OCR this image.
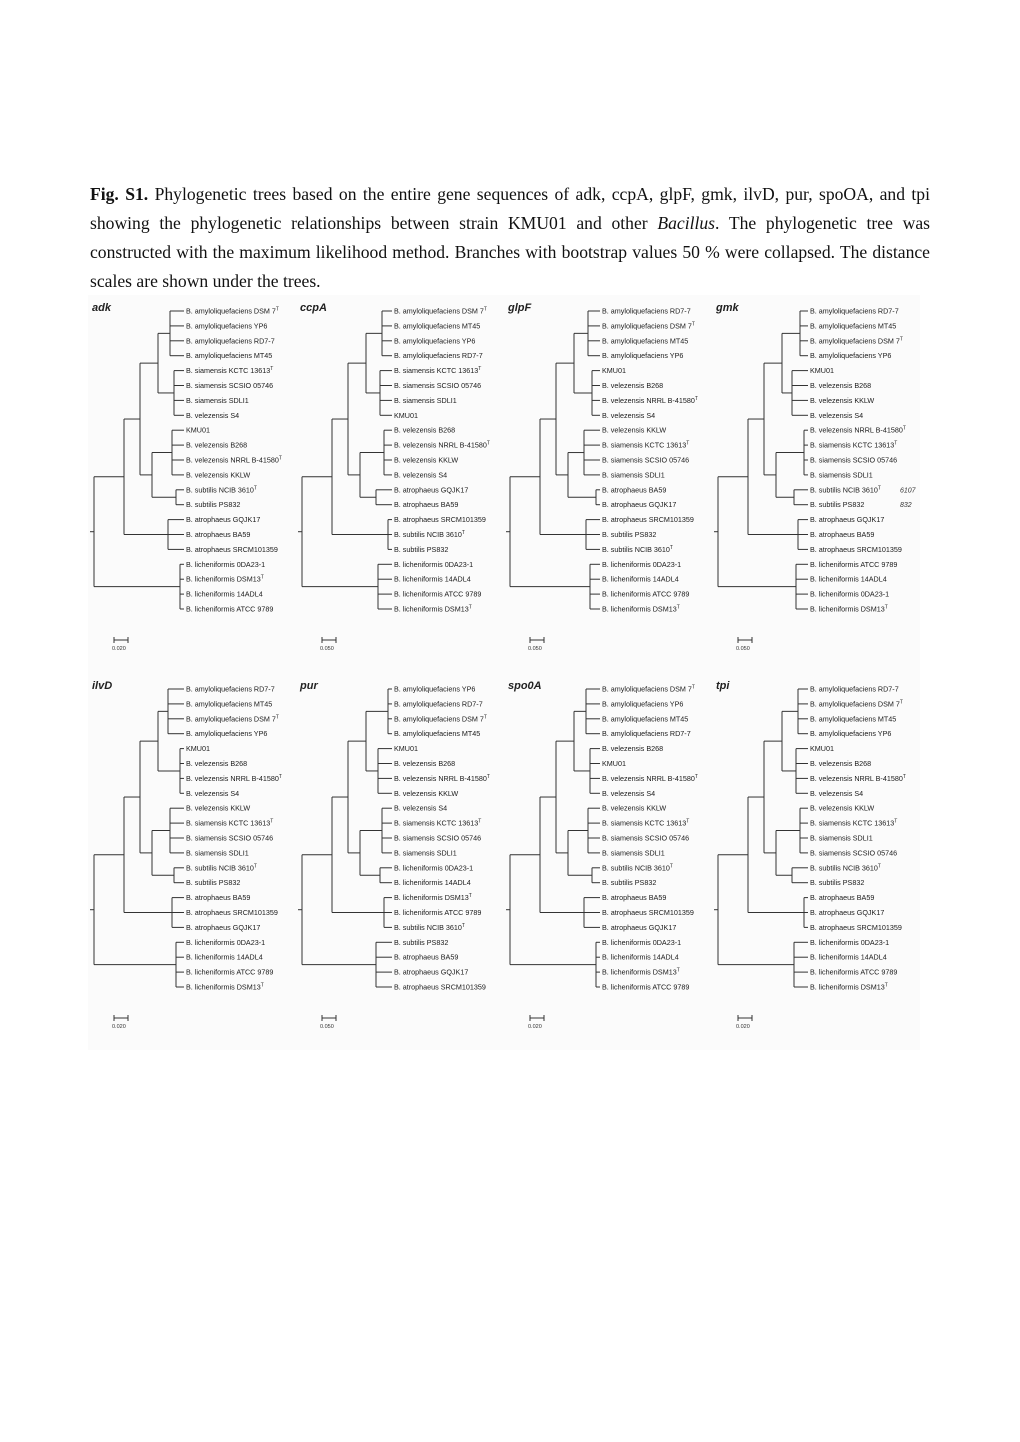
Fig. S1. Phylogenetic trees based on the entire gene sequences of adk, ccpA, glpF, gmk, ilvD, pur, spoOA, and tpi showing the phylogenetic relationships between strain KMU01 and other Bacillus. The phylogenetic tree was constructed with the maximum likelihood method. Branches with bootstrap values 50 % were collapsed. The distance scales are shown under the trees.
adk	B. amyloliquefaciens DSM $7^T$
B. amyloliquefaciens YP6
B. amyloliquefaciens RD7-7
B. amyloliquefaciens MT45
B. siamensis KCTC $13613^T$
B. siamensis SCSIO 05746
B. siamensis SDLI1
B. velezensis S4
KMU01
B. velezensis B268
B. velezensis NRRL $B-41580^T$
B. velezensis KKLW
B. subtilis NCIB $3610^T$
B. subtilis PS832
B. atrophaeus GQJK17
B. atrophaeus BA59
B. atrophaeus SRCM101359
B. licheniformis 0DA23-1
B. licheniformis $DSM13^T$
B. licheniformis 14ADL4
B. licheniformis ATCC 9789
0.020
ccpA	B. amyloliquefaciens DSM $7^T$
B. amyloliquefaciens MT45
B. amyloliquefaciens YP6
B. amyloliquefaciens RD7-7
B. siamensis KCTC $13613^T$
B. siamensis SCSIO 05746
B. siamensis SDLI1
KMU01
B. velezensis B268
B. velezensis NRRL $B-41580^T$
B. velezensis KKLW
B. velezensis S4
B. atrophaeus GQJK17
B. atrophaeus BA59
B. atrophaeus SRCM101359
B. subtilis NCIB $3610^T$
B. subtilis PS832
B. licheniformis 0DA23-1
B. licheniformis 14ADL4
B. licheniformis ATCC 9789
B. licheniformis $DSM13^T$
0.050
glpF	B. amyloliquefaciens RD7-7
B. amyloliquefaciens DSM $7^T$
B. amyloliquefaciens MT45
B. amyloliquefaciens YP6
KMU01
B. velezensis B268
B. velezensis NRRL $B-41580^T$
B. velezensis S4
B. velezensis KKLW
B. siamensis KCTC $13613^T$
B. siamensis SCSIO 05746
B. siamensis SDLI1
B. atrophaeus BA59
B. atrophaeus GQJK17
B. atrophaeus SRCM101359
B. subtilis PS832
B. subtilis NCIB $3610^T$
B. licheniformis 0DA23-1
B. licheniformis 14ADL4
B. licheniformis ATCC 9789
B. licheniformis $DSM13^T$
0.050
gmk	B. amyloliquefaciens RD7-7
B. amyloliquefaciens MT45
B. amyloliquefaciens DSM $7^T$
B. amyloliquefaciens YP6
KMU01
B. velezensis B268
B. velezensis KKLW
B. velezensis S4
B. velezensis NRRL $B-41580^T$
B. siamensis KCTC $13613^T$
B. siamensis SCSIO 05746
B. siamensis SDLI1
B. subtilis NCIB $3610^T$	6107
B. subtilis PS832	832
B. atrophaeus GQJK17
B. atrophaeus BA59
B. atrophaeus SRCM101359
B. licheniformis ATCC 9789
B. licheniformis 14ADL4
B. licheniformis 0DA23-1
B. licheniformis $DSM13^T$
0.050
ilvD	B. amyloliquefaciens RD7-7
B. amyloliquefaciens MT45
B. amyloliquefaciens DSM $7^T$
B. amyloliquefaciens YP6
KMU01
B. velezensis B268
B. velezensis NRRL $B-41580^T$
B. velezensis S4
B. velezensis KKLW
B. siamensis KCTC $13613^T$
B. siamensis SCSIO 05746
B. siamensis SDLI1
B. subtilis NCIB $3610^T$
B. subtilis PS832
B. atrophaeus BA59
B. atrophaeus SRCM101359
B. atrophaeus GQJK17
B. licheniformis 0DA23-1
B. licheniformis 14ADL4
B. licheniformis ATCC 9789
B. licheniformis $DSM13^T$
0.020
pur	B. amyloliquefaciens YP6
B. amyloliquefaciens RD7-7
B. amyloliquefaciens DSM $7^T$
B. amyloliquefaciens MT45
KMU01
B. velezensis B268
B. velezensis NRRL $B-41580^T$
B. velezensis KKLW
B. velezensis S4
B. siamensis KCTC $13613^T$
B. siamensis SCSIO 05746
B. siamensis SDLI1
B. licheniformis 0DA23-1
B. licheniformis 14ADL4
B. licheniformis $DSM13^T$
B. licheniformis ATCC 9789
B. subtilis NCIB $3610^T$
B. subtilis PS832
B. atrophaeus BA59
B. atrophaeus GQJK17
B. atrophaeus SRCM101359
0.050
spo0A	B. amyloliquefaciens DSM $7^T$
B. amyloliquefaciens YP6
B. amyloliquefaciens MT45
B. amyloliquefaciens RD7-7
B. velezensis B268
KMU01
B. velezensis NRRL $B-41580^T$
B. velezensis S4
B. velezensis KKLW
B. siamensis KCTC $13613^T$
B. siamensis SCSIO 05746
B. siamensis SDLI1
B. subtilis NCIB $3610^T$
B. subtilis PS832
B. atrophaeus BA59
B. atrophaeus SRCM101359
B. atrophaeus GQJK17
B. licheniformis 0DA23-1
B. licheniformis 14ADL4
B. licheniformis $DSM13^T$
B. licheniformis ATCC 9789
0.020
tpi	B. amyloliquefaciens RD7-7
B. amyloliquefaciens DSM $7^T$
B. amyloliquefaciens MT45
B. amyloliquefaciens YP6
KMU01
B. velezensis B268
B. velezensis NRRL $B-41580^T$
B. velezensis S4
B. velezensis KKLW
B. siamensis KCTC $13613^T$
B. siamensis SDLI1
B. siamensis SCSIO 05746
B. subtilis NCIB $3610^T$
B. subtilis PS832
B. atrophaeus BA59
B. atrophaeus GQJK17
B. atrophaeus SRCM101359
B. licheniformis 0DA23-1
B. licheniformis 14ADL4
B. licheniformis ATCC 9789
B. licheniformis $DSM13^T$
0.020
